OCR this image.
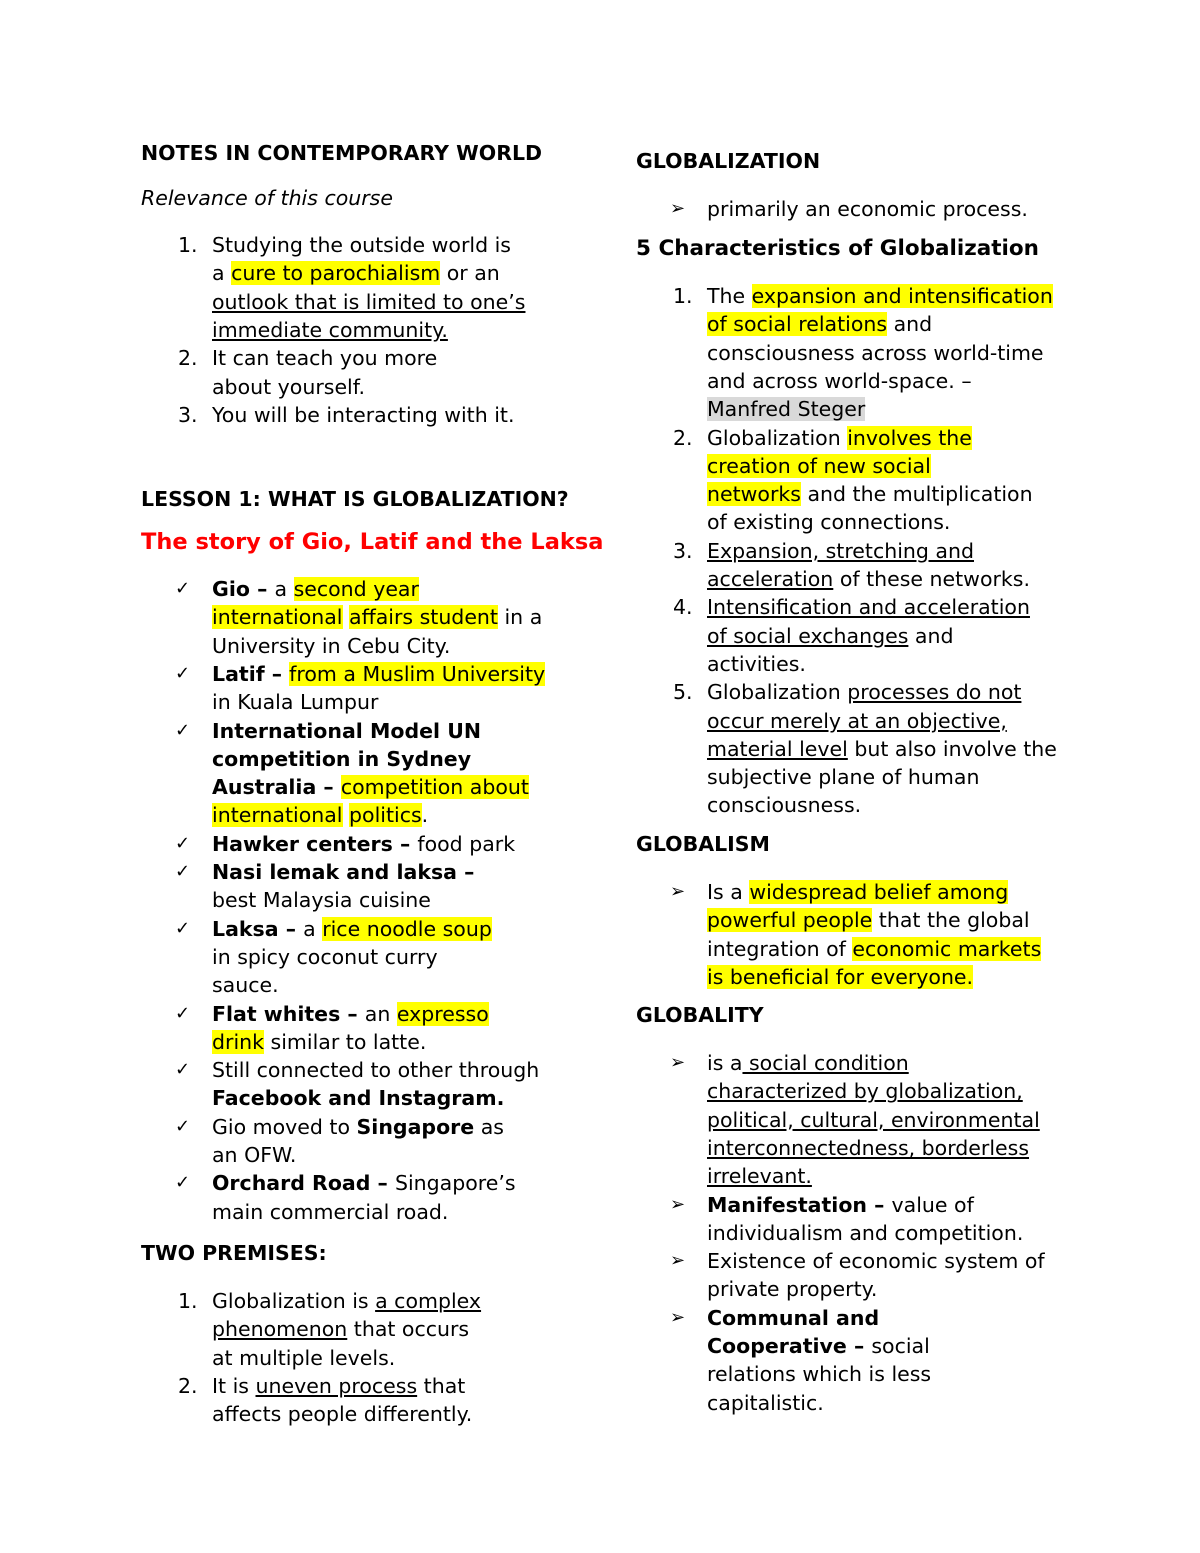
NOTES IN CONTEMPORARY WORLD
Relevance of this course
1. Studying the outside world is
a cure to parochialism or an
outlook that is limited to one’s
immediate community.
2. It can teach you more
about yourself.
3. You will be interacting with it.
LESSON 1: WHAT IS GLOBALIZATION?
The story of Gio, Latif and the Laksa
✓ Gio – a second year
international affairs student in a
University in Cebu City.
✓ Latif – from a Muslim University
in Kuala Lumpur
✓ International Model UN
competition in Sydney
Australia – competition about
international politics.
✓ Hawker centers – food park
✓ Nasi lemak and laksa –
best Malaysia cuisine
✓ Laksa – a rice noodle soup
in spicy coconut curry
sauce.
✓ Flat whites – an expresso
drink similar to latte.
✓ Still connected to other through
Facebook and Instagram.
✓ Gio moved to Singapore as
an OFW.
✓ Orchard Road – Singapore’s
main commercial road.
TWO PREMISES:
1. Globalization is a complex
phenomenon that occurs
at multiple levels.
2. It is uneven process that
affects people differently.
GLOBALIZATION
➢ primarily an economic process.
5 Characteristics of Globalization
1. The expansion and intensification
of social relations and
consciousness across world-time
and across world-space. –
Manfred Steger
2. Globalization involves the
creation of new social
networks and the multiplication
of existing connections.
3. Expansion, stretching and
acceleration of these networks.
4. Intensification and acceleration
of social exchanges and
activities.
5. Globalization processes do not
occur merely at an objective,
material level but also involve the
subjective plane of human
consciousness.
GLOBALISM
➢ Is a widespread belief among
powerful people that the global
integration of economic markets
is beneficial for everyone.
GLOBALITY
➢ is a social condition
characterized by globalization,
political, cultural, environmental
interconnectedness, borderless
irrelevant.
➢ Manifestation – value of
individualism and competition.
➢ Existence of economic system of
private property.
➢ Communal and
Cooperative – social
relations which is less
capitalistic.
